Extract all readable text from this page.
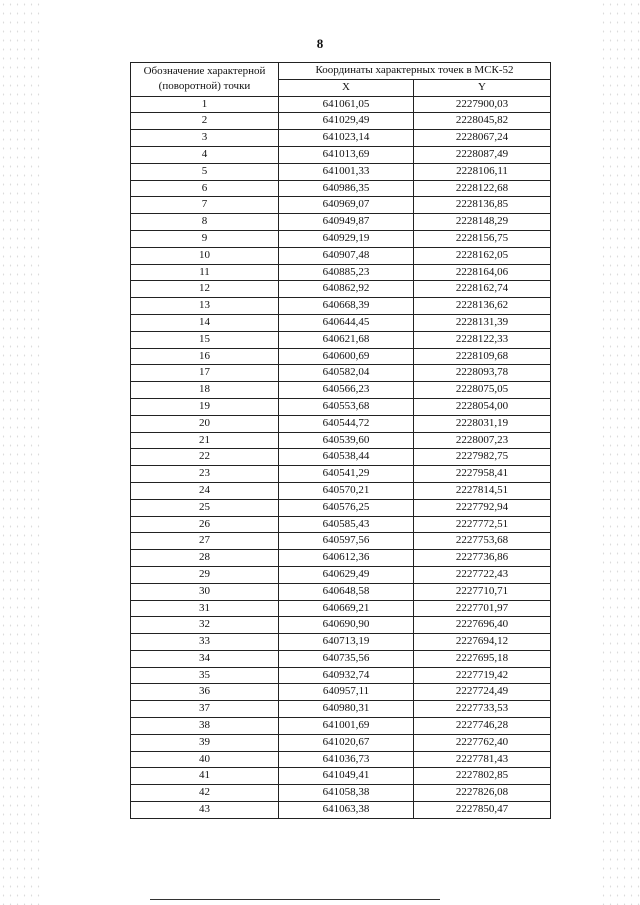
8
Обозначение характерной (поворотной) точки	Координаты характерных точек в МСК-52	
	X	Y
1	641061,05	2227900,03
2	641029,49	2228045,82
3	641023,14	2228067,24
4	641013,69	2228087,49
5	641001,33	2228106,11
6	640986,35	2228122,68
7	640969,07	2228136,85
8	640949,87	2228148,29
9	640929,19	2228156,75
10	640907,48	2228162,05
11	640885,23	2228164,06
12	640862,92	2228162,74
13	640668,39	2228136,62
14	640644,45	2228131,39
15	640621,68	2228122,33
16	640600,69	2228109,68
17	640582,04	2228093,78
18	640566,23	2228075,05
19	640553,68	2228054,00
20	640544,72	2228031,19
21	640539,60	2228007,23
22	640538,44	2227982,75
23	640541,29	2227958,41
24	640570,21	2227814,51
25	640576,25	2227792,94
26	640585,43	2227772,51
27	640597,56	2227753,68
28	640612,36	2227736,86
29	640629,49	2227722,43
30	640648,58	2227710,71
31	640669,21	2227701,97
32	640690,90	2227696,40
33	640713,19	2227694,12
34	640735,56	2227695,18
35	640932,74	2227719,42
36	640957,11	2227724,49
37	640980,31	2227733,53
38	641001,69	2227746,28
39	641020,67	2227762,40
40	641036,73	2227781,43
41	641049,41	2227802,85
42	641058,38	2227826,08
43	641063,38	2227850,47
